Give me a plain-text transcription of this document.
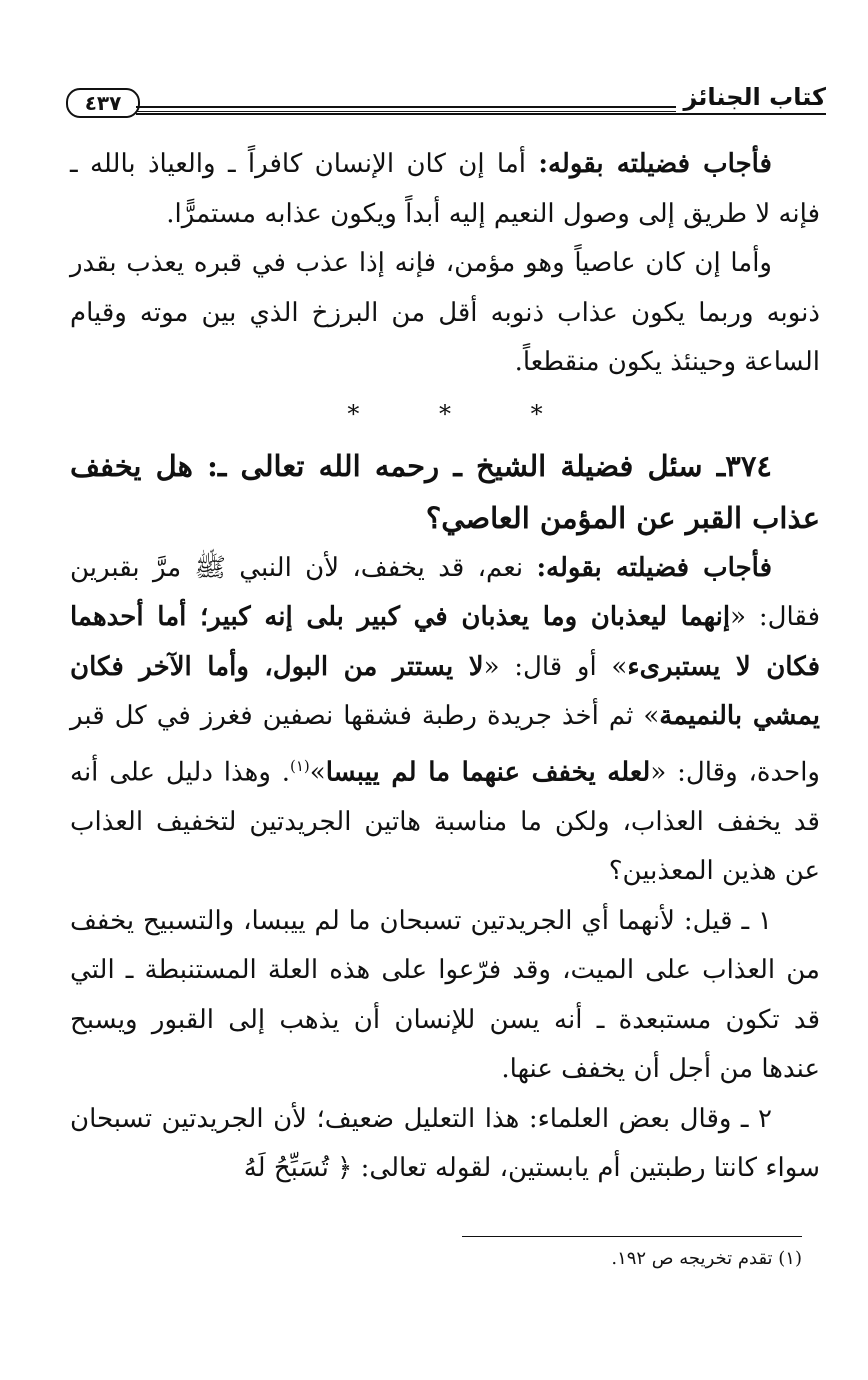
كتاب الجنائز
٤٣٧

فأجاب فضيلته بقوله: أما إن كان الإنسان كافراً ـ والعياذ بالله ـ فإنه لا طريق إلى وصول النعيم إليه أبداً ويكون عذابه مستمرًّا.

وأما إن كان عاصياً وهو مؤمن، فإنه إذا عذب في قبره يعذب بقدر ذنوبه وربما يكون عذاب ذنوبه أقل من البرزخ الذي بين موته وقيام الساعة وحينئذ يكون منقطعاً.

* * *

٣٧٤ـ سئل فضيلة الشيخ ـ رحمه الله تعالى ـ: هل يخفف عذاب القبر عن المؤمن العاصي؟

فأجاب فضيلته بقوله: نعم، قد يخفف، لأن النبي ﷺ مرَّ بقبرين فقال: «إنهما ليعذبان وما يعذبان في كبير بلى إنه كبير؛ أما أحدهما فكان لا يستبرىء» أو قال: «لا يستتر من البول، وأما الآخر فكان يمشي بالنميمة» ثم أخذ جريدة رطبة فشقها نصفين فغرز في كل قبر واحدة، وقال: «لعله يخفف عنهما ما لم ييبسا»$^{(١)}$. وهذا دليل على أنه قد يخفف العذاب، ولكن ما مناسبة هاتين الجريدتين لتخفيف العذاب عن هذين المعذبين؟

١ ـ قيل: لأنهما أي الجريدتين تسبحان ما لم ييبسا، والتسبيح يخفف من العذاب على الميت، وقد فرّعوا على هذه العلة المستنبطة ـ التي قد تكون مستبعدة ـ أنه يسن للإنسان أن يذهب إلى القبور ويسبح عندها من أجل أن يخفف عنها.

٢ ـ وقال بعض العلماء: هذا التعليل ضعيف؛ لأن الجريدتين تسبحان سواء كانتا رطبتين أم يابستين، لقوله تعالى: ﴿ تُسَبِّحُ لَهُ

(١) تقدم تخريجه ص ١٩٢.
